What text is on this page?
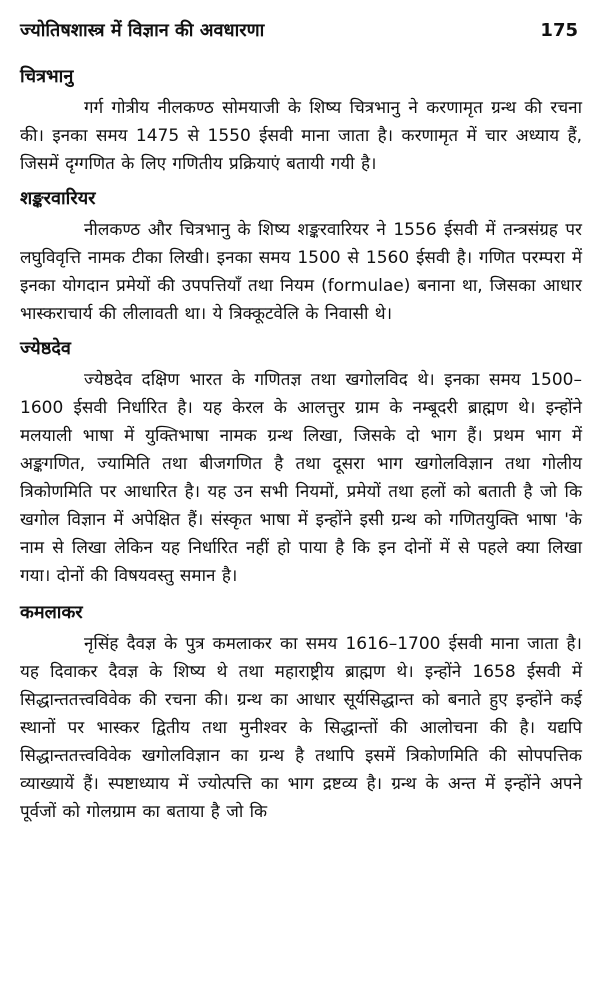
ज्योतिषशास्त्र में विज्ञान की अवधारणा	175
चित्रभानु

गर्ग गोत्रीय नीलकण्ठ सोमयाजी के शिष्य चित्रभानु ने करणामृत ग्रन्थ की रचना की। इनका समय 1475 से 1550 ईसवी माना जाता है। करणामृत में चार अध्याय हैं, जिसमें दृग्गणित के लिए गणितीय प्रक्रियाएं बतायी गयी है।

शङ्करवारियर

नीलकण्ठ और चित्रभानु के शिष्य शङ्करवारियर ने 1556 ईसवी में तन्त्रसंग्रह पर लघुविवृत्ति नामक टीका लिखी। इनका समय 1500 से 1560 ईसवी है। गणित परम्परा में इनका योगदान प्रमेयों की उपपत्तियाँ तथा नियम (formulae) बनाना था, जिसका आधार भास्कराचार्य की लीलावती था। ये त्रिक्कूटवेलि के निवासी थे।

ज्येष्ठदेव

ज्येष्ठदेव दक्षिण भारत के गणितज्ञ तथा खगोलविद थे। इनका समय 1500–1600 ईसवी निर्धारित है। यह केरल के आलत्तुर ग्राम के नम्बूदरी ब्राह्मण थे। इन्होंने मलयाली भाषा में युक्तिभाषा नामक ग्रन्थ लिखा, जिसके दो भाग हैं। प्रथम भाग में अङ्कगणित, ज्यामिति तथा बीजगणित है तथा दूसरा भाग खगोलविज्ञान तथा गोलीय त्रिकोणमिति पर आधारित है। यह उन सभी नियमों, प्रमेयों तथा हलों को बताती है जो कि खगोल विज्ञान में अपेक्षित हैं। संस्कृत भाषा में इन्होंने इसी ग्रन्थ को गणितयुक्ति भाषा 'के नाम से लिखा लेकिन यह निर्धारित नहीं हो पाया है कि इन दोनों में से पहले क्या लिखा गया। दोनों की विषयवस्तु समान है।

कमलाकर

नृसिंह दैवज्ञ के पुत्र कमलाकर का समय 1616–1700 ईसवी माना जाता है। यह दिवाकर दैवज्ञ के शिष्य थे तथा महाराष्ट्रीय ब्राह्मण थे। इन्होंने 1658 ईसवी में सिद्धान्ततत्त्वविवेक की रचना की। ग्रन्थ का आधार सूर्यसिद्धान्त को बनाते हुए इन्होंने कई स्थानों पर भास्कर द्वितीय तथा मुनीश्वर के सिद्धान्तों की आलोचना की है। यद्यपि सिद्धान्ततत्त्वविवेक खगोलविज्ञान का ग्रन्थ है तथापि इसमें त्रिकोणमिति की सोपपत्तिक व्याख्यायें हैं। स्पष्टाध्याय में ज्योत्पत्ति का भाग द्रष्टव्य है। ग्रन्थ के अन्त में इन्होंने अपने पूर्वजों को गोलग्राम का बताया है जो कि
